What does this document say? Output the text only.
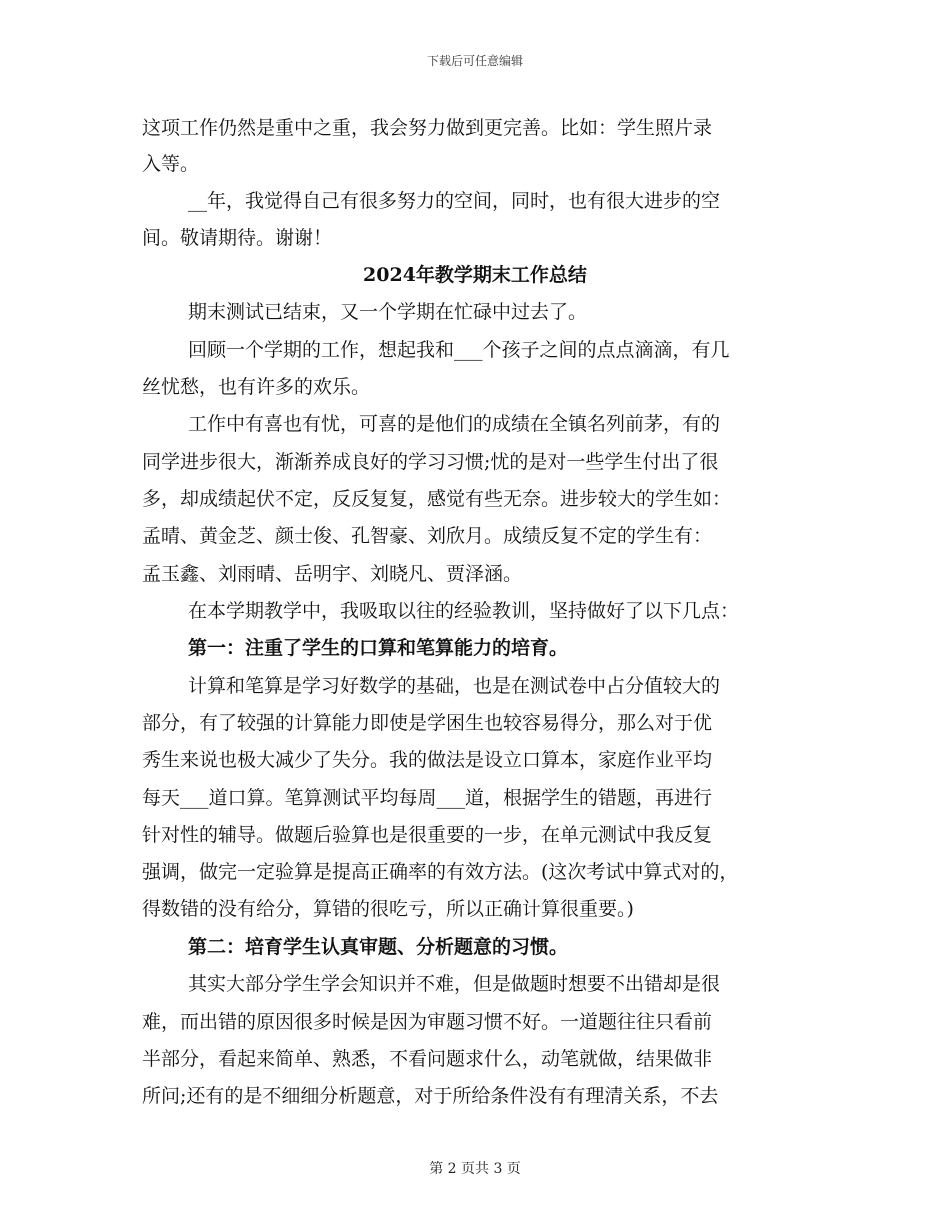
下载后可任意编辑
这项工作仍然是重中之重，我会努力做到更完善。比如：学生照片录
入等。
__年，我觉得自己有很多努力的空间，同时，也有很大进步的空
间。敬请期待。谢谢！
2024年教学期末工作总结
期末测试已结束，又一个学期在忙碌中过去了。
回顾一个学期的工作，想起我和___个孩子之间的点点滴滴，有几
丝忧愁，也有许多的欢乐。
工作中有喜也有忧，可喜的是他们的成绩在全镇名列前茅，有的
同学进步很大，渐渐养成良好的学习习惯;忧的是对一些学生付出了很
多，却成绩起伏不定，反反复复，感觉有些无奈。进步较大的学生如：
孟晴、黄金芝、颜士俊、孔智豪、刘欣月。成绩反复不定的学生有：
孟玉鑫、刘雨晴、岳明宇、刘晓凡、贾泽涵。
在本学期教学中，我吸取以往的经验教训，坚持做好了以下几点：
第一：注重了学生的口算和笔算能力的培育。
计算和笔算是学习好数学的基础，也是在测试卷中占分值较大的
部分，有了较强的计算能力即使是学困生也较容易得分，那么对于优
秀生来说也极大减少了失分。我的做法是设立口算本，家庭作业平均
每天___道口算。笔算测试平均每周___道，根据学生的错题，再进行
针对性的辅导。做题后验算也是很重要的一步，在单元测试中我反复
强调，做完一定验算是提高正确率的有效方法。(这次考试中算式对的，
得数错的没有给分，算错的很吃亏，所以正确计算很重要。)
第二：培育学生认真审题、分析题意的习惯。
其实大部分学生学会知识并不难，但是做题时想要不出错却是很
难，而出错的原因很多时候是因为审题习惯不好。一道题往往只看前
半部分，看起来简单、熟悉，不看问题求什么，动笔就做，结果做非
所问;还有的是不细细分析题意，对于所给条件没有有理清关系，不去
第 2 页共 3 页
